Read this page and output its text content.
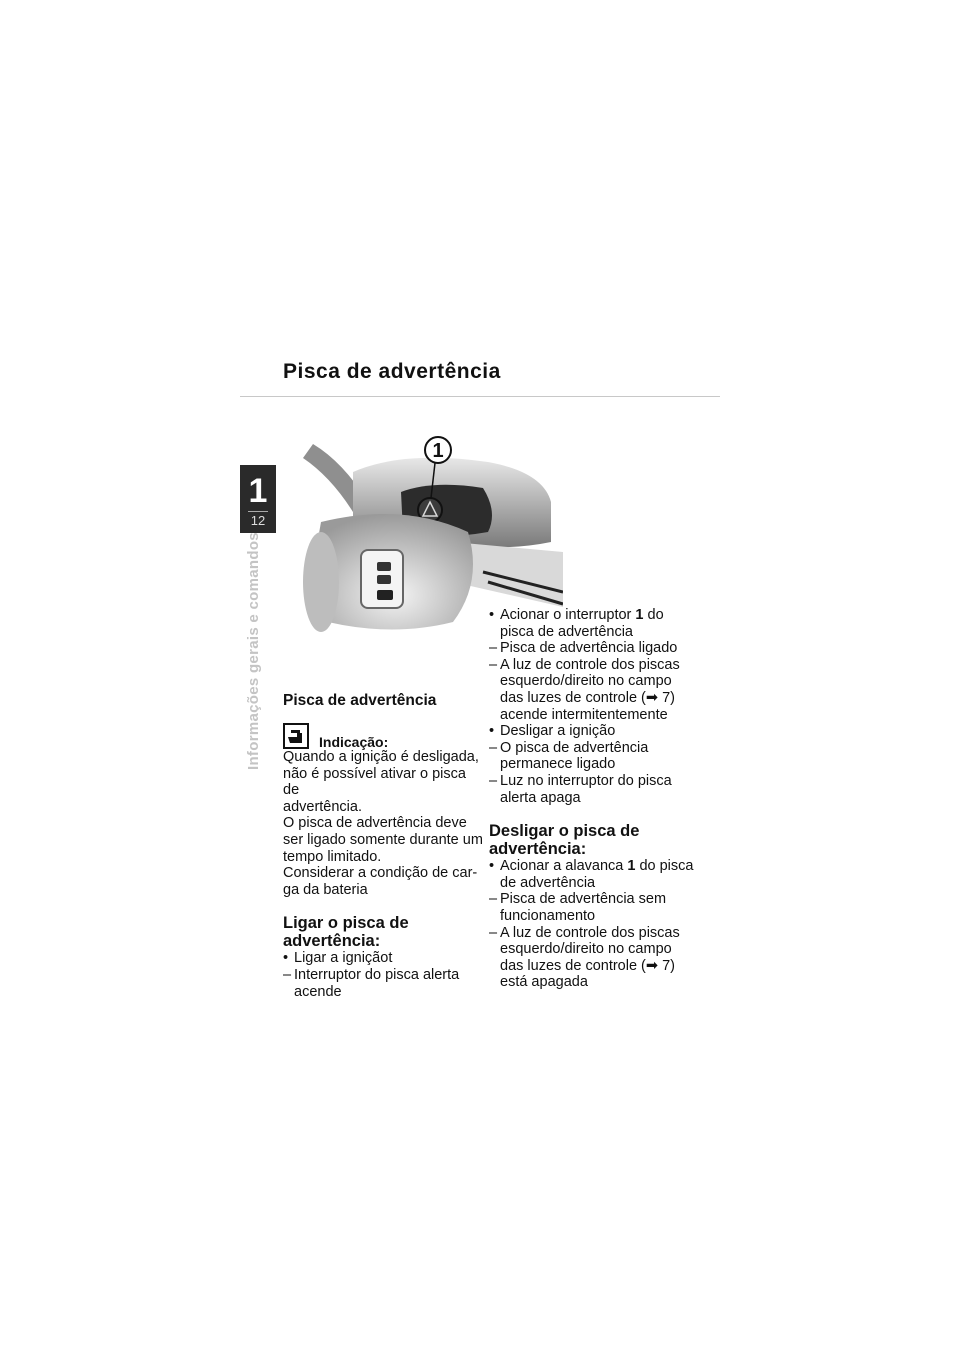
Pisca de advertência
1
12
Informações gerais e comandos
1

Pisca de advertência

Indicação:

Quando a ignição é desligada,

não é possível ativar o pisca de

advertência.

O pisca de advertência deve

ser ligado somente durante um

tempo limitado.

Considerar a condição de car-

ga da bateria

Ligar o pisca de

advertência:

• Ligar a igniçãot
– Interruptor do pisca alerta
acende
• Acionar o interruptor 1 do
pisca de advertência
– Pisca de advertência ligado
– A luz de controle dos piscas
esquerdo/direito no campo
das luzes de controle (➡ 7)
acende intermitentemente
• Desligar a ignição
– O pisca de advertência
permanece ligado
– Luz no interruptor do pisca
alerta apaga

Desligar o pisca de

advertência:

• Acionar a alavanca 1 do pisca
de advertência
– Pisca de advertência sem
funcionamento
– A luz de controle dos piscas
esquerdo/direito no campo
das luzes de controle (➡ 7)
está apagada
